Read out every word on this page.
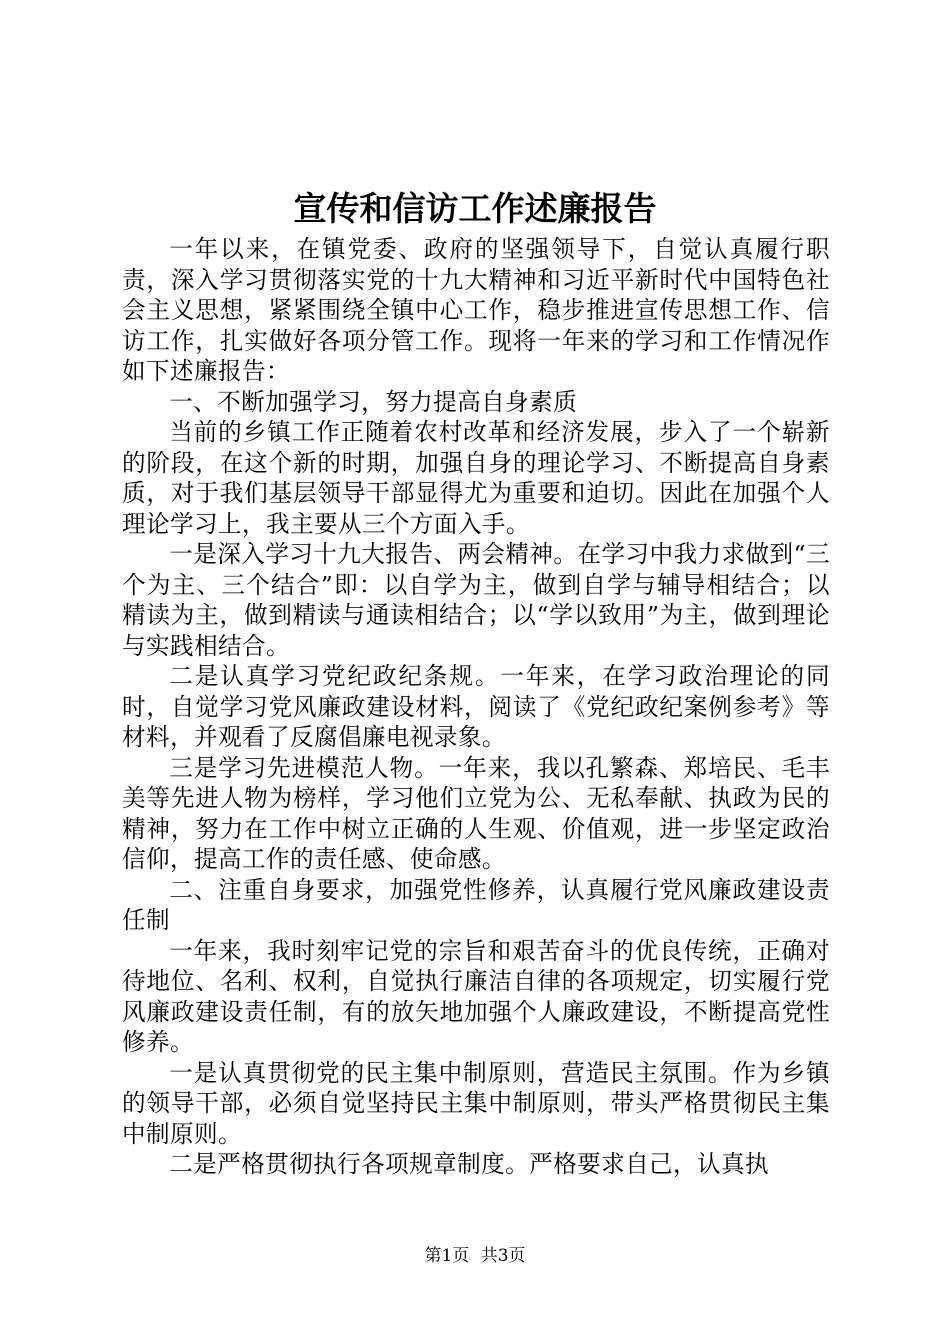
宣传和信访工作述廉报告

一年以来，在镇党委、政府的坚强领导下，自觉认真履行职责，深入学习贯彻落实党的十九大精神和习近平新时代中国特色社会主义思想，紧紧围绕全镇中心工作，稳步推进宣传思想工作、信访工作，扎实做好各项分管工作。现将一年来的学习和工作情况作如下述廉报告：

一、不断加强学习，努力提高自身素质

当前的乡镇工作正随着农村改革和经济发展，步入了一个崭新的阶段，在这个新的时期，加强自身的理论学习、不断提高自身素质，对于我们基层领导干部显得尤为重要和迫切。因此在加强个人理论学习上，我主要从三个方面入手。

一是深入学习十九大报告、两会精神。在学习中我力求做到“三个为主、三个结合”即：以自学为主，做到自学与辅导相结合；以精读为主，做到精读与通读相结合；以“学以致用”为主，做到理论与实践相结合。

二是认真学习党纪政纪条规。一年来，在学习政治理论的同时，自觉学习党风廉政建设材料，阅读了《党纪政纪案例参考》等材料，并观看了反腐倡廉电视录象。

三是学习先进模范人物。一年来，我以孔繁森、郑培民、毛丰美等先进人物为榜样，学习他们立党为公、无私奉献、执政为民的精神，努力在工作中树立正确的人生观、价值观，进一步坚定政治信仰，提高工作的责任感、使命感。

二、注重自身要求，加强党性修养，认真履行党风廉政建设责任制

一年来，我时刻牢记党的宗旨和艰苦奋斗的优良传统，正确对待地位、名利、权利，自觉执行廉洁自律的各项规定，切实履行党风廉政建设责任制，有的放矢地加强个人廉政建设，不断提高党性修养。

一是认真贯彻党的民主集中制原则，营造民主氛围。作为乡镇的领导干部，必须自觉坚持民主集中制原则，带头严格贯彻民主集中制原则。

二是严格贯彻执行各项规章制度。严格要求自己，认真执

第1页 共3页
